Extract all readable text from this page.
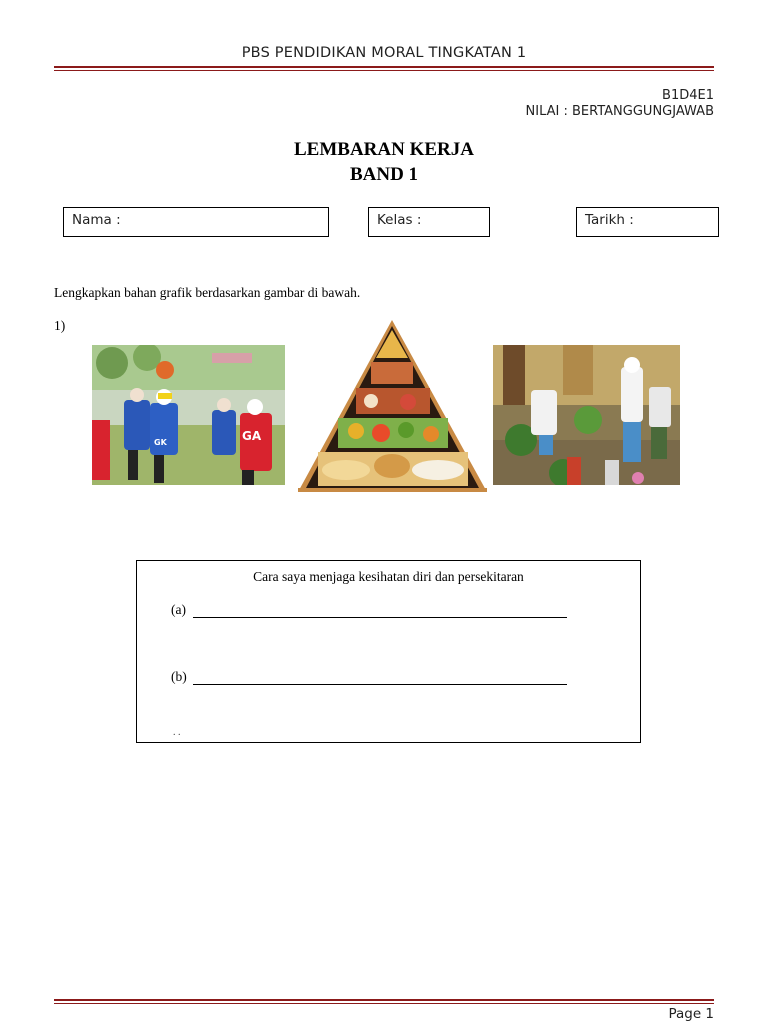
PBS PENDIDIKAN MORAL TINGKATAN 1
B1D4E1
NILAI : BERTANGGUNGJAWAB
LEMBARAN KERJA
BAND 1
Nama :	Kelas :	Tarikh :
Lengkapkan bahan grafik berdasarkan gambar di bawah.
1)
GA
GK
Cara saya menjaga kesihatan diri dan persekitaran
(a)
(b)
. .
Page 1
